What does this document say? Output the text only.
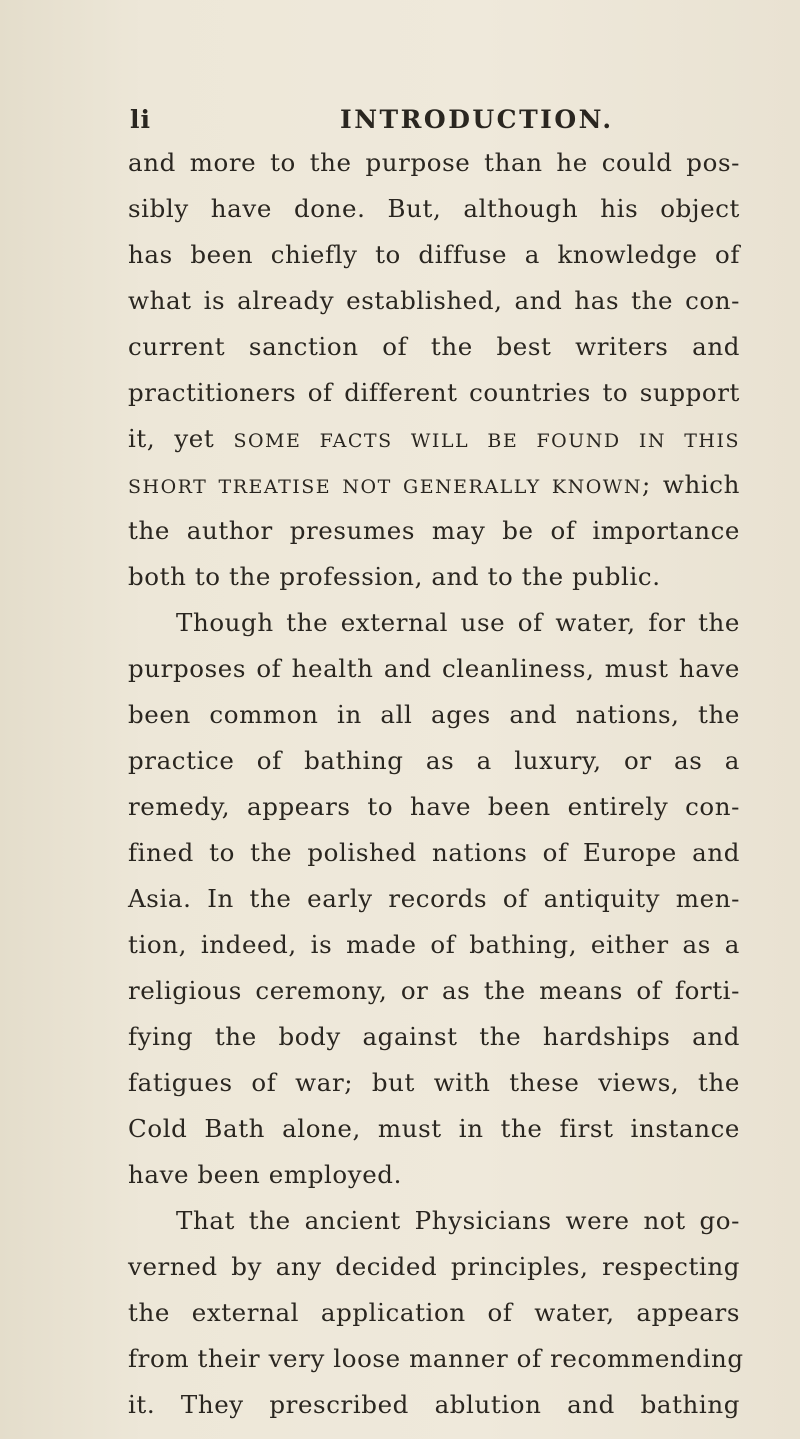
li	INTRODUCTION.
and more to the purpose than he could pos-
sibly have done. But, although his object
has been chiefly to diffuse a knowledge of
what is already established, and has the con-
current sanction of the best writers and
practitioners of different countries to support
it, yet SOME FACTS WILL BE FOUND IN THIS
SHORT TREATISE NOT GENERALLY KNOWN; which
the author presumes may be of importance
both to the profession, and to the public.
Though the external use of water, for the
purposes of health and cleanliness, must have
been common in all ages and nations, the
practice of bathing as a luxury, or as a
remedy, appears to have been entirely con-
fined to the polished nations of Europe and
Asia. In the early records of antiquity men-
tion, indeed, is made of bathing, either as a
religious ceremony, or as the means of forti-
fying the body against the hardships and
fatigues of war; but with these views, the
Cold Bath alone, must in the first instance
have been employed.
That the ancient Physicians were not go-
verned by any decided principles, respecting
the external application of water, appears
from their very loose manner of recommending
it. They prescribed ablution and bathing
